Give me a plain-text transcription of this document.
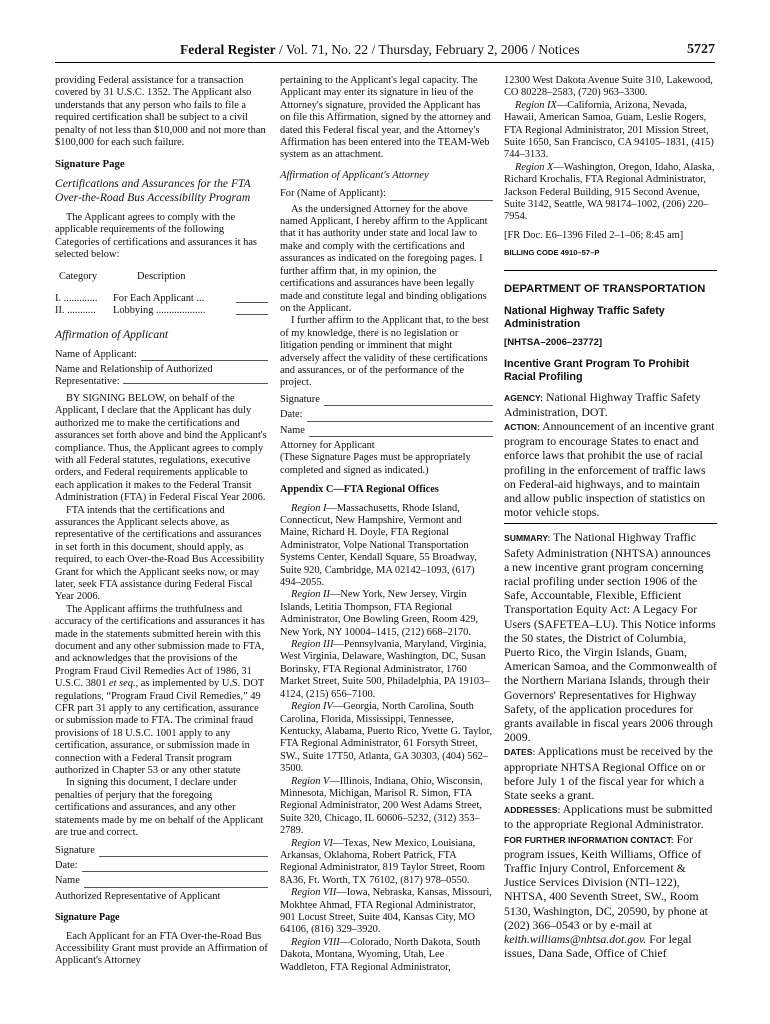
Federal Register / Vol. 71, No. 22 / Thursday, February 2, 2006 / Notices	5727

providing Federal assistance for a transaction covered by 31 U.S.C. 1352. The Applicant also understands that any person who fails to file a required certification shall be subject to a civil penalty of not less than $10,000 and not more than $100,000 for each such failure.

Signature Page
Certifications and Assurances for the FTA Over-the-Road Bus Accessibility Program

The Applicant agrees to comply with the applicable requirements of the following Categories of certifications and assurances it has selected below:

Category	Description
I. .............	For Each Applicant ...
II. ...........	Lobbying ...................
Affirmation of Applicant
Name of Applicant:

Name and Relationship of Authorized Representative:

BY SIGNING BELOW, on behalf of the Applicant, I declare that the Applicant has duly authorized me to make the certifications and assurances set forth above and bind the Applicant's compliance. Thus, the Applicant agrees to comply with all Federal statutes, regulations, executive orders, and Federal requirements applicable to each application it makes to the Federal Transit Administration (FTA) in Federal Fiscal Year 2006.

FTA intends that the certifications and assurances the Applicant selects above, as representative of the certifications and assurances in set forth in this document, should apply, as required, to each Over-the-Road Bus Accessibility Grant for which the Applicant seeks now, or may later, seek FTA assistance during Federal Fiscal Year 2006.

The Applicant affirms the truthfulness and accuracy of the certifications and assurances it has made in the statements submitted herein with this document and any other submission made to FTA, and acknowledges that the provisions of the Program Fraud Civil Remedies Act of 1986, 31 U.S.C. 3801 et seq., as implemented by U.S. DOT regulations, “Program Fraud Civil Remedies,” 49 CFR part 31 apply to any certification, assurance or submission made to FTA. The criminal fraud provisions of 18 U.S.C. 1001 apply to any certification, assurance, or submission made in connection with a Federal Transit program authorized in Chapter 53 or any other statute

In signing this document, I declare under penalties of perjury that the foregoing certifications and assurances, and any other statements made by me on behalf of the Applicant are true and correct.

Signature
Date:
Name

Authorized Representative of Applicant

Signature Page

Each Applicant for an FTA Over-the-Road Bus Accessibility Grant must provide an Affirmation of Applicant's Attorney

pertaining to the Applicant's legal capacity. The Applicant may enter its signature in lieu of the Attorney's signature, provided the Applicant has on file this Affirmation, signed by the attorney and dated this Federal fiscal year, and the Attorney's Affirmation has been entered into the TEAM-Web system as an attachment.

Affirmation of Applicant's Attorney
For (Name of Applicant):

As the undersigned Attorney for the above named Applicant, I hereby affirm to the Applicant that it has authority under state and local law to make and comply with the certifications and assurances as indicated on the foregoing pages. I further affirm that, in my opinion, the certifications and assurances have been legally made and constitute legal and binding obligations on the Applicant.

I further affirm to the Applicant that, to the best of my knowledge, there is no legislation or litigation pending or imminent that might adversely affect the validity of these certifications and assurances, or of the performance of the project.

Signature
Date:
Name

Attorney for Applicant

(These Signature Pages must be appropriately completed and signed as indicated.)

Appendix C—FTA Regional Offices

Region I—Massachusetts, Rhode Island, Connecticut, New Hampshire, Vermont and Maine, Richard H. Doyle, FTA Regional Administrator, Volpe National Transportation Systems Center, Kendall Square, 55 Broadway, Suite 920, Cambridge, MA 02142–1093, (617) 494–2055.

Region II—New York, New Jersey, Virgin Islands, Letitia Thompson, FTA Regional Administrator, One Bowling Green, Room 429, New York, NY 10004–1415, (212) 668–2170.

Region III—Pennsylvania, Maryland, Virginia, West Virginia, Delaware, Washington, DC, Susan Borinsky, FTA Regional Administrator, 1760 Market Street, Suite 500, Philadelphia, PA 19103–4124, (215) 656–7100.

Region IV—Georgia, North Carolina, South Carolina, Florida, Mississippi, Tennessee, Kentucky, Alabama, Puerto Rico, Yvette G. Taylor, FTA Regional Administrator, 61 Forsyth Street, SW., Suite 17T50, Atlanta, GA 30303, (404) 562–3500.

Region V—Illinois, Indiana, Ohio, Wisconsin, Minnesota, Michigan, Marisol R. Simon, FTA Regional Administrator, 200 West Adams Street, Suite 320, Chicago, IL 60606–5232, (312) 353–2789.

Region VI—Texas, New Mexico, Louisiana, Arkansas, Oklahoma, Robert Patrick, FTA Regional Administrator, 819 Taylor Street, Room 8A36, Ft. Worth, TX 76102, (817) 978–0550.

Region VII—Iowa, Nebraska, Kansas, Missouri, Mokhtee Ahmad, FTA Regional Administrator, 901 Locust Street, Suite 404, Kansas City, MO 64106, (816) 329–3920.

Region VIII—Colorado, North Dakota, South Dakota, Montana, Wyoming, Utah, Lee Waddleton, FTA Regional Administrator,

12300 West Dakota Avenue Suite 310, Lakewood, CO 80228–2583, (720) 963–3300.

Region IX—California, Arizona, Nevada, Hawaii, American Samoa, Guam, Leslie Rogers, FTA Regional Administrator, 201 Mission Street, Suite 1650, San Francisco, CA 94105–1831, (415) 744–3133.

Region X—Washington, Oregon, Idaho, Alaska, Richard Krochalis, FTA Regional Administrator, Jackson Federal Building, 915 Second Avenue, Suite 3142, Seattle, WA 98174–1002, (206) 220–7954.

[FR Doc. E6–1396 Filed 2–1–06; 8:45 am]

BILLING CODE 4910–57–P
DEPARTMENT OF TRANSPORTATION
National Highway Traffic Safety Administration
[NHTSA–2006–23772]
Incentive Grant Program To Prohibit Racial Profiling

AGENCY: National Highway Traffic Safety Administration, DOT.

ACTION: Announcement of an incentive grant program to encourage States to enact and enforce laws that prohibit the use of racial profiling in the enforcement of traffic laws on Federal-aid highways, and to maintain and allow public inspection of statistics on motor vehicle stops.

SUMMARY: The National Highway Traffic Safety Administration (NHTSA) announces a new incentive grant program concerning racial profiling under section 1906 of the Safe, Accountable, Flexible, Efficient Transportation Equity Act: A Legacy For Users (SAFETEA–LU). This Notice informs the 50 states, the District of Columbia, Puerto Rico, the Virgin Islands, Guam, American Samoa, and the Commonwealth of the Northern Mariana Islands, through their Governors' Representatives for Highway Safety, of the application procedures for grants available in fiscal years 2006 through 2009.

DATES: Applications must be received by the appropriate NHTSA Regional Office on or before July 1 of the fiscal year for which a State seeks a grant.

ADDRESSES: Applications must be submitted to the appropriate Regional Administrator.

FOR FURTHER INFORMATION CONTACT: For program issues, Keith Williams, Office of Traffic Injury Control, Enforcement & Justice Services Division (NTI–122), NHTSA, 400 Seventh Street, SW., Room 5130, Washington, DC, 20590, by phone at (202) 366–0543 or by e-mail at keith.williams@nhtsa.dot.gov. For legal issues, Dana Sade, Office of Chief
